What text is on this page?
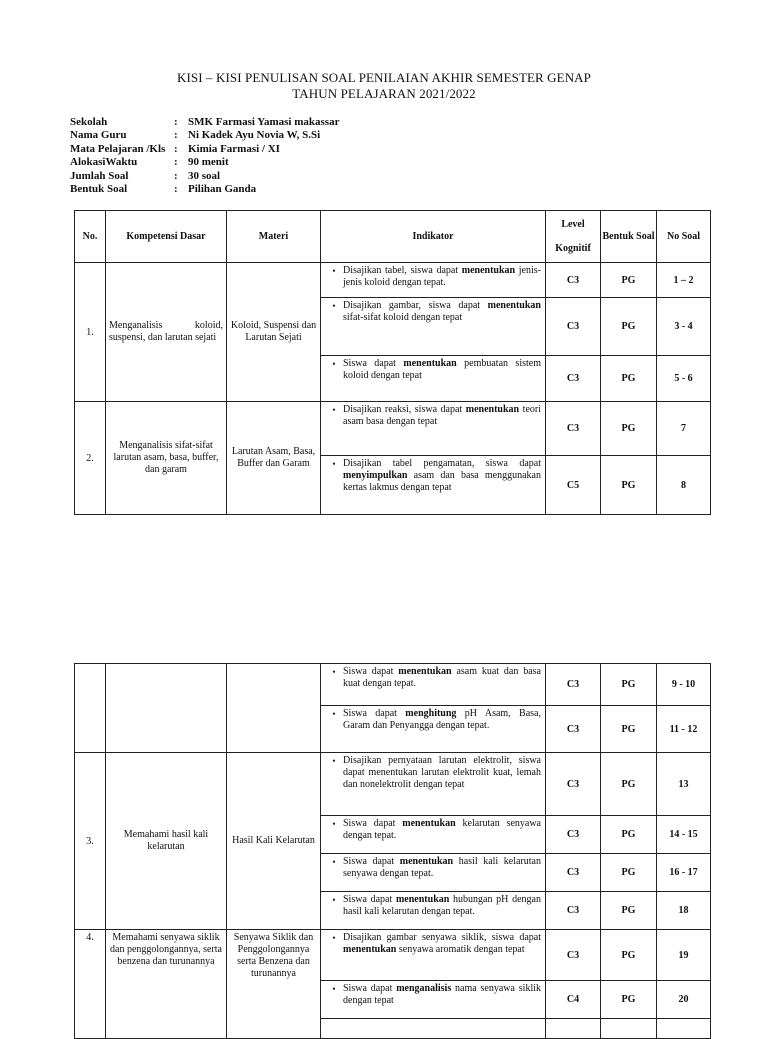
KISI – KISI PENULISAN SOAL PENILAIAN AKHIR SEMESTER GENAP
TAHUN PELAJARAN 2021/2022
Sekolah	: SMK Farmasi Yamasi makassar
Nama Guru	: Ni Kadek Ayu Novia W, S.Si
Mata Pelajaran /Kls : Kimia Farmasi / XI
AlokasiWaktu	: 90 menit
Jumlah Soal	: 30 soal
Bentuk Soal	: Pilihan Ganda
No.	Kompetensi Dasar	Materi	Indikator	Level Kognitif	Bentuk Soal	No Soal
1.	Menganalisis koloid, suspensi, dan larutan sejati	Koloid, Suspensi dan Larutan Sejati	• Disajikan tabel, siswa dapat menentukan jenis-jenis koloid dengan tepat.	C3	PG	1 – 2

			• Disajikan gambar, siswa dapat menentukan sifat-sifat koloid dengan tepat	C3	PG	3 - 4

			• Siswa dapat menentukan pembuatan sistem koloid dengan tepat	C3	PG	5 - 6
2.	Menganalisis sifat-sifat larutan asam, basa, buffer, dan garam	Larutan Asam, Basa, Buffer dan Garam	• Disajikan reaksi, siswa dapat menentukan teori asam basa dengan tepat	C3	PG	7

			• Disajikan tabel pengamatan, siswa dapat menyimpulkan asam dan basa menggunakan kertas lakmus dengan tepat	C5	PG	8

			• Siswa dapat menentukan asam kuat dan basa kuat dengan tepat.	C3	PG	9 - 10

			• Siswa dapat menghitung pH Asam, Basa, Garam dan Penyangga dengan tepat.	C3	PG	11 - 12
3.	Memahami hasil kali kelarutan	Hasil Kali Kelarutan	• Disajikan pernyataan larutan elektrolit, siswa dapat menentukan larutan elektrolit kuat, lemah dan nonelektrolit dengan tepat	C3	PG	13

			• Siswa dapat menentukan kelarutan senyawa dengan tepat.	C3	PG	14 - 15

			• Siswa dapat menentukan hasil kali kelarutan senyawa dengan tepat.	C3	PG	16 - 17

			• Siswa dapat menentukan hubungan pH dengan hasil kali kelarutan dengan tepat.	C3	PG	18
4.	Memahami senyawa siklik dan penggolongannya, serta benzena dan turunannya	Senyawa Siklik dan Penggolongannya serta Benzena dan turunannya	• Disajikan gambar senyawa siklik, siswa dapat menentukan senyawa aromatik dengan tepat	C3	PG	19

			• Siswa dapat menganalisis nama senyawa siklik dengan tepat	C4	PG	20
